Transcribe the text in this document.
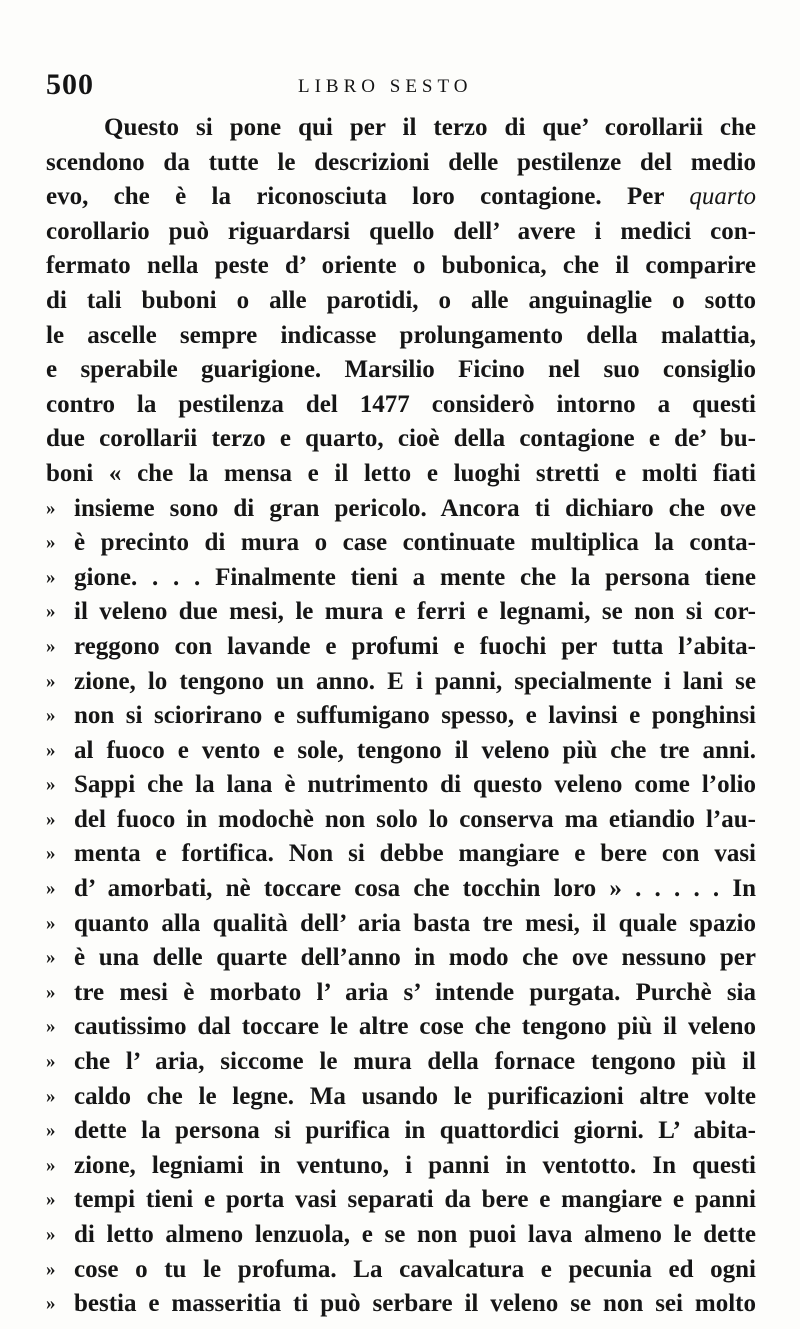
500	LIBRO SESTO
Questo si pone qui per il terzo di que’ corollarii che
scendono da tutte le descrizioni delle pestilenze del medio
evo, che è la riconosciuta loro contagione. Per quarto
corollario può riguardarsi quello dell’ avere i medici con-
fermato nella peste d’ oriente o bubonica, che il comparire
di tali buboni o alle parotidi, o alle anguinaglie o sotto
le ascelle sempre indicasse prolungamento della malattia,
e sperabile guarigione. Marsilio Ficino nel suo consiglio
contro la pestilenza del 1477 considerò intorno a questi
due corollarii terzo e quarto, cioè della contagione e de’ bu-
boni « che la mensa e il letto e luoghi stretti e molti fiati
» insieme sono di gran pericolo. Ancora ti dichiaro che ove
» è precinto di mura o case continuate multiplica la conta-
» gione. . . . Finalmente tieni a mente che la persona tiene
» il veleno due mesi, le mura e ferri e legnami, se non si cor-
» reggono con lavande e profumi e fuochi per tutta l’abita-
» zione, lo tengono un anno. E i panni, specialmente i lani se
» non si sciorirano e suffumigano spesso, e lavinsi e ponghinsi
» al fuoco e vento e sole, tengono il veleno più che tre anni.
» Sappi che la lana è nutrimento di questo veleno come l’olio
» del fuoco in modochè non solo lo conserva ma etiandio l’au-
» menta e fortifica. Non si debbe mangiare e bere con vasi
» d’ amorbati, nè toccare cosa che tocchin loro » . . . . . In
» quanto alla qualità dell’ aria basta tre mesi, il quale spazio
» è una delle quarte dell’anno in modo che ove nessuno per
» tre mesi è morbato l’ aria s’ intende purgata. Purchè sia
» cautissimo dal toccare le altre cose che tengono più il veleno
» che l’ aria, siccome le mura della fornace tengono più il
» caldo che le legne. Ma usando le purificazioni altre volte
» dette la persona si purifica in quattordici giorni. L’ abita-
» zione, legniami in ventuno, i panni in ventotto. In questi
» tempi tieni e porta vasi separati da bere e mangiare e panni
» di letto almeno lenzuola, e se non puoi lava almeno le dette
» cose o tu le profuma. La cavalcatura e pecunia ed ogni
» bestia e masseritia ti può serbare il veleno se non sei molto
